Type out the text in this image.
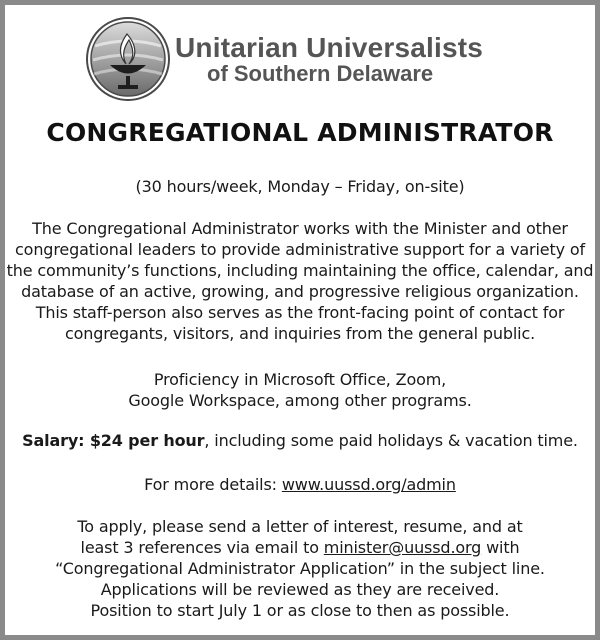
Unitarian Universalists
of Southern Delaware
CONGREGATIONAL ADMINISTRATOR
(30 hours/week, Monday – Friday, on-site)
The Congregational Administrator works with the Minister and other
congregational leaders to provide administrative support for a variety of
the community’s functions, including maintaining the office, calendar, and
database of an active, growing, and progressive religious organization.
This staff-person also serves as the front-facing point of contact for
congregants, visitors, and inquiries from the general public.
Proficiency in Microsoft Office, Zoom,
Google Workspace, among other programs.
Salary: $24 per hour, including some paid holidays & vacation time.
For more details: www.uussd.org/admin
To apply, please send a letter of interest, resume, and at
least 3 references via email to minister@uussd.org with
“Congregational Administrator Application” in the subject line.
Applications will be reviewed as they are received.
Position to start July 1 or as close to then as possible.
